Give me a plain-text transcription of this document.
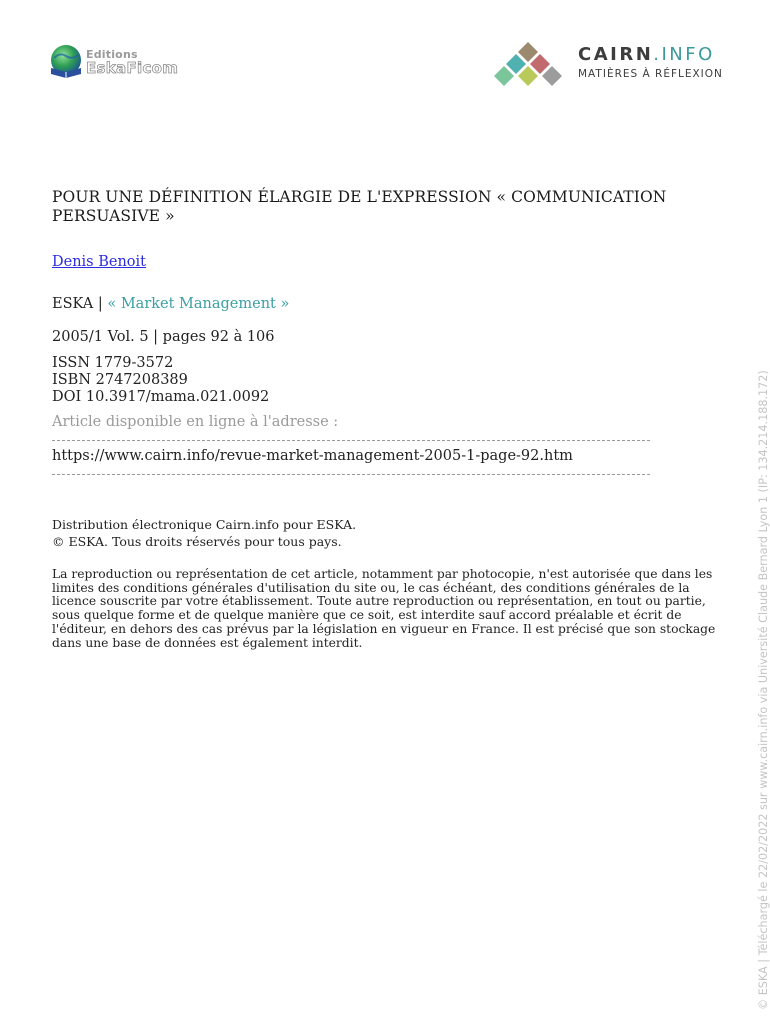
Editions
EskaFicom
CAIRN.INFO
MATIÈRES À RÉFLEXION
POUR UNE DÉFINITION ÉLARGIE DE L'EXPRESSION « COMMUNICATION PERSUASIVE »
Denis Benoit
ESKA | « Market Management »
2005/1 Vol. 5 | pages 92 à 106
ISSN 1779-3572
ISBN 2747208389
DOI 10.3917/mama.021.0092
Article disponible en ligne à l'adresse :
https://www.cairn.info/revue-market-management-2005-1-page-92.htm
Distribution électronique Cairn.info pour ESKA.
© ESKA. Tous droits réservés pour tous pays.
La reproduction ou représentation de cet article, notamment par photocopie, n'est autorisée que dans les limites des conditions générales d'utilisation du site ou, le cas échéant, des conditions générales de la licence souscrite par votre établissement. Toute autre reproduction ou représentation, en tout ou partie, sous quelque forme et de quelque manière que ce soit, est interdite sauf accord préalable et écrit de l'éditeur, en dehors des cas prévus par la législation en vigueur en France. Il est précisé que son stockage dans une base de données est également interdit.	© ESKA | Téléchargé le 22/02/2022 sur www.cairn.info via Université Claude Bernard Lyon 1 (IP: 134.214.188.172)
